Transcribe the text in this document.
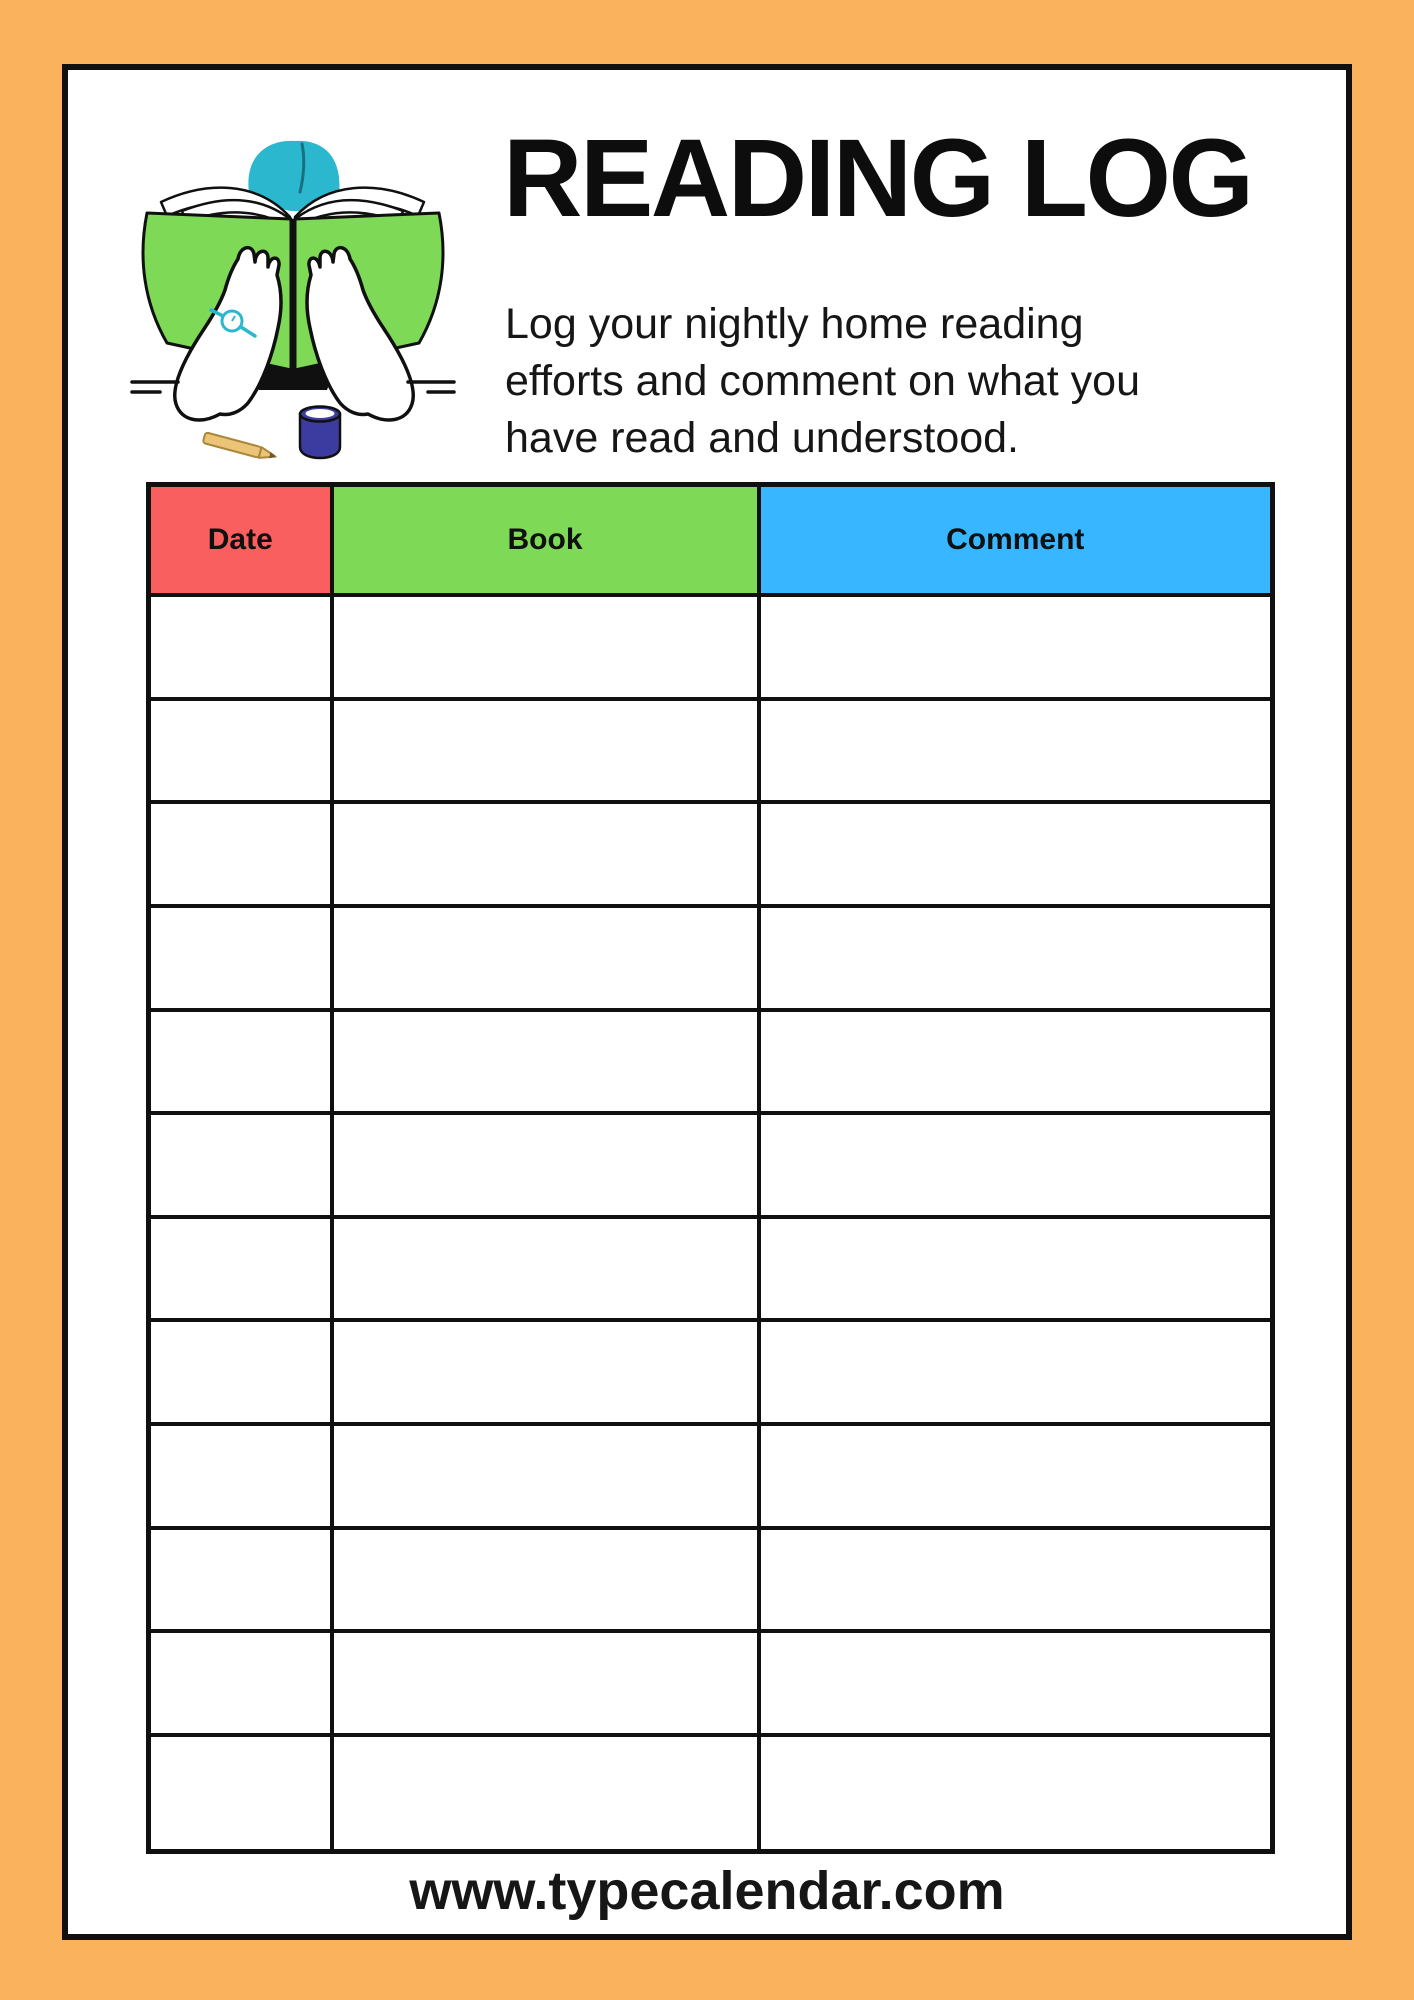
READING LOG
Log your nightly home reading
efforts and comment on what you
have read and understood.
Date	Book	Comment

www.typecalendar.com
